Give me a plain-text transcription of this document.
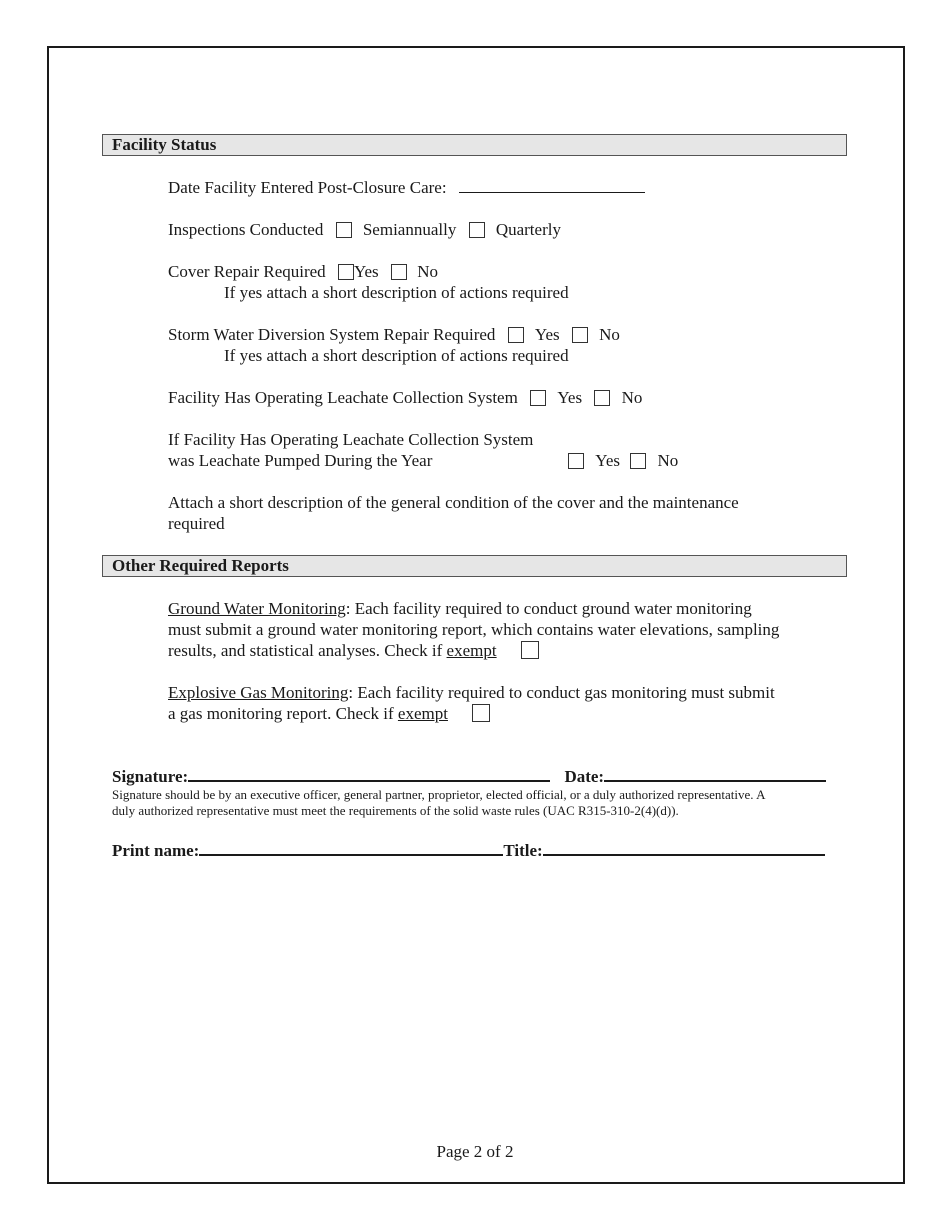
Facility Status
Date Facility Entered Post-Closure Care:
Inspections Conducted Semiannually Quarterly
Cover Repair Required Yes No
If yes attach a short description of actions required
Storm Water Diversion System Repair Required Yes No
If yes attach a short description of actions required
Facility Has Operating Leachate Collection System Yes No
If Facility Has Operating Leachate Collection System
was Leachate Pumped During the Year	Yes No
Attach a short description of the general condition of the cover and the maintenance
required
Other Required Reports
Ground Water Monitoring: Each facility required to conduct ground water monitoring
must submit a ground water monitoring report, which contains water elevations, sampling
results, and statistical analyses. Check if exempt
Explosive Gas Monitoring: Each facility required to conduct gas monitoring must submit
a gas monitoring report. Check if exempt
Signature:	Date:
Signature should be by an executive officer, general partner, proprietor, elected official, or a duly authorized representative. A
duly authorized representative must meet the requirements of the solid waste rules (UAC R315-310-2(4)(d)).
Print name:	Title:
Page 2 of 2
